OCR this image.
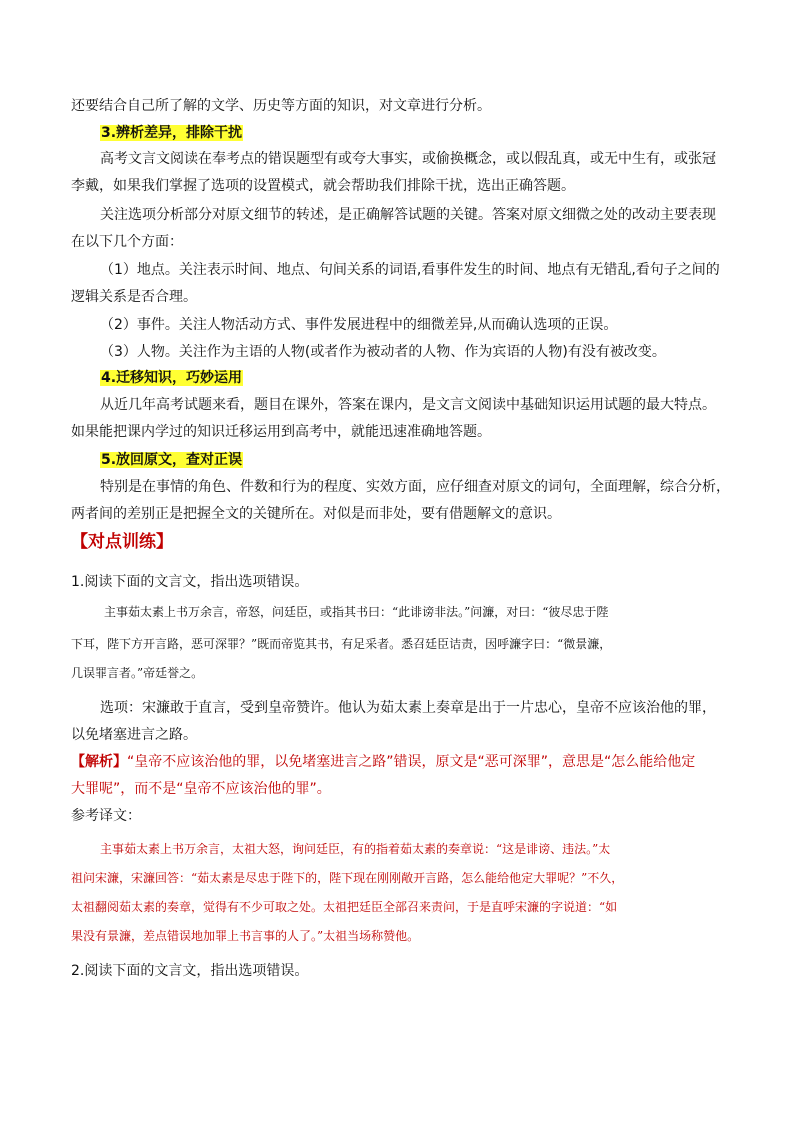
还要结合自己所了解的文学、历史等方面的知识，对文章进行分析。
3.辨析差异，排除干扰
高考文言文阅读在奉考点的错误题型有或夸大事实，或偷换概念，或以假乱真，或无中生有，或张冠
李戴，如果我们掌握了选项的设置模式，就会帮助我们排除干扰，选出正确答题。
关注选项分析部分对原文细节的转述，是正确解答试题的关键。答案对原文细微之处的改动主要表现
在以下几个方面：
（1）地点。关注表示时间、地点、句间关系的词语,看事件发生的时间、地点有无错乱,看句子之间的
逻辑关系是否合理。
（2）事件。关注人物活动方式、事件发展进程中的细微差异,从而确认选项的正误。
（3）人物。关注作为主语的人物(或者作为被动者的人物、作为宾语的人物)有没有被改变。
4.迁移知识，巧妙运用
从近几年高考试题来看，题目在课外，答案在课内，是文言文阅读中基础知识运用试题的最大特点。
如果能把课内学过的知识迁移运用到高考中，就能迅速准确地答题。
5.放回原文，查对正误
特别是在事情的角色、件数和行为的程度、实效方面，应仔细查对原文的词句，全面理解，综合分析，
两者间的差别正是把握全文的关键所在。对似是而非处，要有借题解文的意识。
【对点训练】
1.阅读下面的文言文，指出选项错误。
主事茹太素上书万余言，帝怒，问廷臣，或指其书曰：“此诽谤非法。”问濂，对曰：“彼尽忠于陛
下耳，陛下方开言路，恶可深罪？”既而帝览其书，有足采者。悉召廷臣诘责，因呼濂字曰：“微景濂，
几误罪言者。”帝廷誉之。
选项：宋濂敢于直言，受到皇帝赞许。他认为茹太素上奏章是出于一片忠心，皇帝不应该治他的罪，
以免堵塞进言之路。
【解析】“皇帝不应该治他的罪，以免堵塞进言之路”错误，原文是“恶可深罪”，意思是“怎么能给他定
大罪呢”，而不是“皇帝不应该治他的罪”。
参考译文：
主事茹太素上书万余言，太祖大怒，询问廷臣，有的指着茹太素的奏章说：“这是诽谤、违法。”太
祖问宋濂，宋濂回答：“茹太素是尽忠于陛下的，陛下现在刚刚敞开言路，怎么能给他定大罪呢？”不久，
太祖翻阅茹太素的奏章，觉得有不少可取之处。太祖把廷臣全部召来责问，于是直呼宋濂的字说道：“如
果没有景濂，差点错误地加罪上书言事的人了。”太祖当场称赞他。
2.阅读下面的文言文，指出选项错误。
